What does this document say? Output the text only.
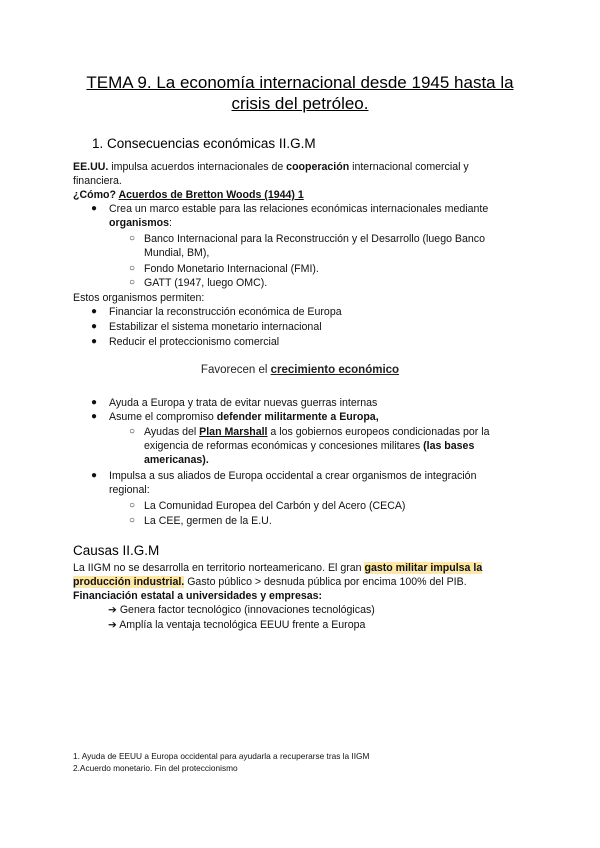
TEMA 9. La economía internacional desde 1945 hasta la
crisis del petróleo.
1. Consecuencias económicas II.G.M
EE.UU. impulsa acuerdos internacionales de cooperación internacional comercial y
financiera.
¿Cómo? Acuerdos de Bretton Woods (1944) 1
● Crea un marco estable para las relaciones económicas internacionales mediante
organismos:
○ Banco Internacional para la Reconstrucción y el Desarrollo (luego Banco
Mundial, BM),
○ Fondo Monetario Internacional (FMI).
○ GATT (1947, luego OMC).
Estos organismos permiten:
● Financiar la reconstrucción económica de Europa
● Estabilizar el sistema monetario internacional
● Reducir el proteccionismo comercial
Favorecen el crecimiento económico
● Ayuda a Europa y trata de evitar nuevas guerras internas
● Asume el compromiso defender militarmente a Europa,
○ Ayudas del Plan Marshall a los gobiernos europeos condicionadas por la
exigencia de reformas económicas y concesiones militares (las bases
americanas).
● Impulsa a sus aliados de Europa occidental a crear organismos de integración
regional:
○ La Comunidad Europea del Carbón y del Acero (CECA)
○ La CEE, germen de la E.U.
Causas II.G.M
La IIGM no se desarrolla en territorio norteamericano. El gran gasto militar impulsa la
producción industrial. Gasto público > desnuda pública por encima 100% del PIB.
Financiación estatal a universidades y empresas:
➔ Genera factor tecnológico (innovaciones tecnológicas)
➔ Amplía la ventaja tecnológica EEUU frente a Europa
1. Ayuda de EEUU a Europa occidental para ayudarla a recuperarse tras la IIGM
2.Acuerdo monetario. Fin del proteccionismo
